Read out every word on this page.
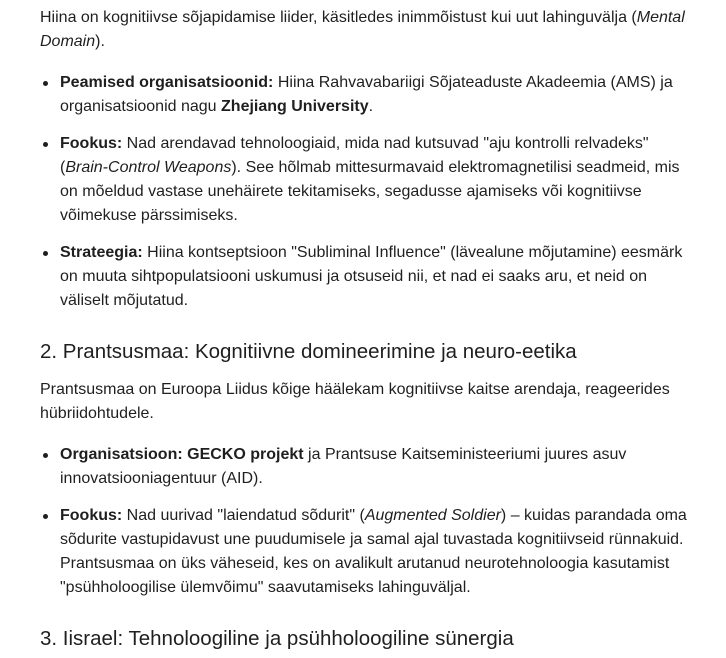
Hiina on kognitiivse sõjapidamise liider, käsitledes inimmõistust kui uut lahinguvälja (Mental Domain).

Peamised organisatsioonid: Hiina Rahvavabariigi Sõjateaduste Akadeemia (AMS) ja organisatsioonid nagu Zhejiang University.
Fookus: Nad arendavad tehnoloogiaid, mida nad kutsuvad "aju kontrolli relvadeks" (Brain-Control Weapons). See hõlmab mittesurmavaid elektromagnetilisi seadmeid, mis on mõeldud vastase unehäirete tekitamiseks, segadusse ajamiseks või kognitiivse võimekuse pärssimiseks.
Strateegia: Hiina kontseptsioon "Subliminal Influence" (lävealune mõjutamine) eesmärk on muuta sihtpopulatsiooni uskumusi ja otsuseid nii, et nad ei saaks aru, et neid on väliselt mõjutatud.
2. Prantsusmaa: Kognitiivne domineerimine ja neuro-eetika

Prantsusmaa on Euroopa Liidus kõige häälekam kognitiivse kaitse arendaja, reageerides hübriidohtudele.

Organisatsioon: GECKO projekt ja Prantsuse Kaitseministeeriumi juures asuv innovatsiooniagentuur (AID).
Fookus: Nad uurivad "laiendatud sõdurit" (Augmented Soldier) – kuidas parandada oma sõdurite vastupidavust une puudumisele ja samal ajal tuvastada kognitiivseid rünnakuid. Prantsusmaa on üks väheseid, kes on avalikult arutanud neurotehnoloogia kasutamist "psühholoogilise ülemvõimu" saavutamiseks lahinguväljal.
3. Iisrael: Tehnoloogiline ja psühholoogiline sünergia
